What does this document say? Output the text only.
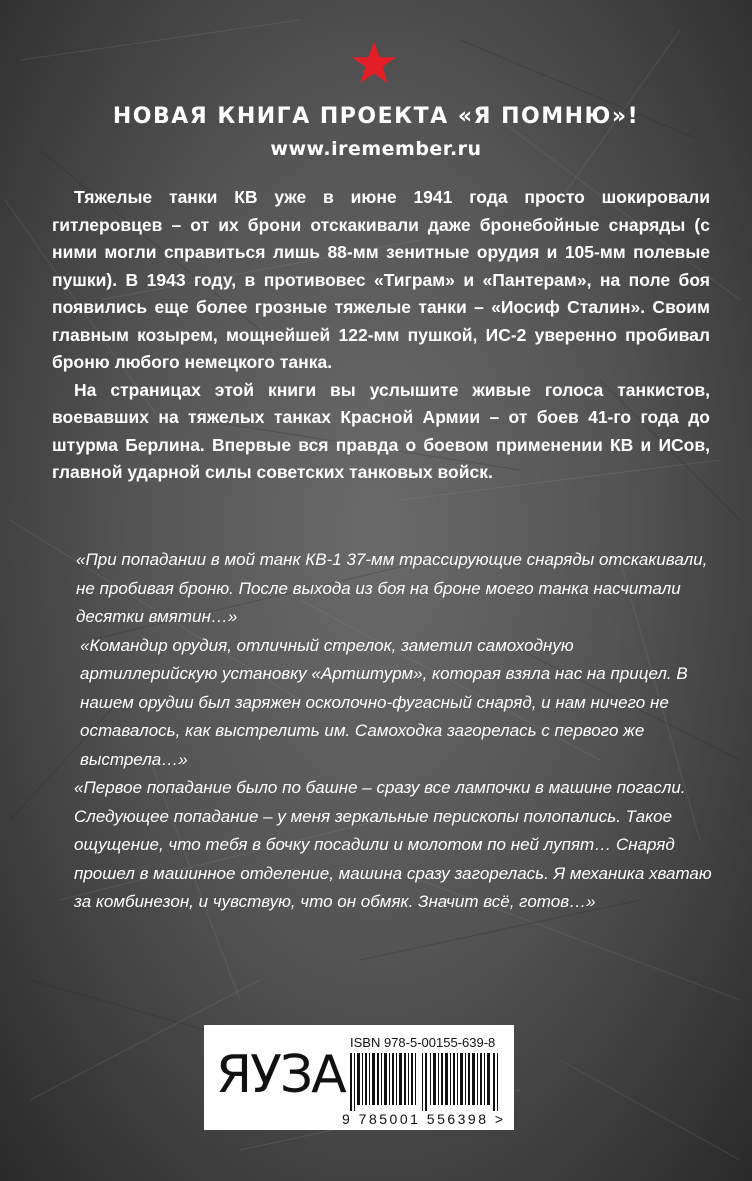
НОВАЯ КНИГА ПРОЕКТА «Я ПОМНЮ»!
www.iremember.ru

Тяжелые танки КВ уже в июне 1941 года просто шокировали гитлеровцев – от их брони отскакивали даже бронебойные снаряды (с ними могли справиться лишь 88-мм зенитные орудия и 105-мм полевые пушки). В 1943 году, в противовес «Тиграм» и «Пантерам», на поле боя появились еще более грозные тяжелые танки – «Иосиф Сталин». Своим главным козырем, мощнейшей 122-мм пушкой, ИС-2 уверенно пробивал броню любого немецкого танка.

На страницах этой книги вы услышите живые голоса танкистов, воевавших на тяжелых танках Красной Армии – от боев 41-го года до штурма Берлина. Впервые вся правда о боевом применении КВ и ИСов, главной ударной силы советских танковых войск.

«При попадании в мой танк КВ-1 37-мм трассирующие снаряды отскакивали, не пробивая броню. После выхода из боя на броне моего танка насчитали десятки вмятин…»

«Командир орудия, отличный стрелок, заметил самоходную артиллерийскую установку «Артштурм», которая взяла нас на прицел. В нашем орудии был заряжен осколочно-фугасный снаряд, и нам ничего не оставалось, как выстрелить им. Самоходка загорелась с первого же выстрела…»

«Первое попадание было по башне – сразу все лампочки в машине погасли. Следующее попадание – у меня зеркальные перископы полопались. Такое ощущение, что тебя в бочку посадили и молотом по ней лупят… Снаряд прошел в машинное отделение, машина сразу загорелась. Я механика хватаю за комбинезон, и чувствую, что он обмяк. Значит всё, готов…»

ЯУЗА
ISBN 978-5-00155-639-8
9 785001 556398 >
